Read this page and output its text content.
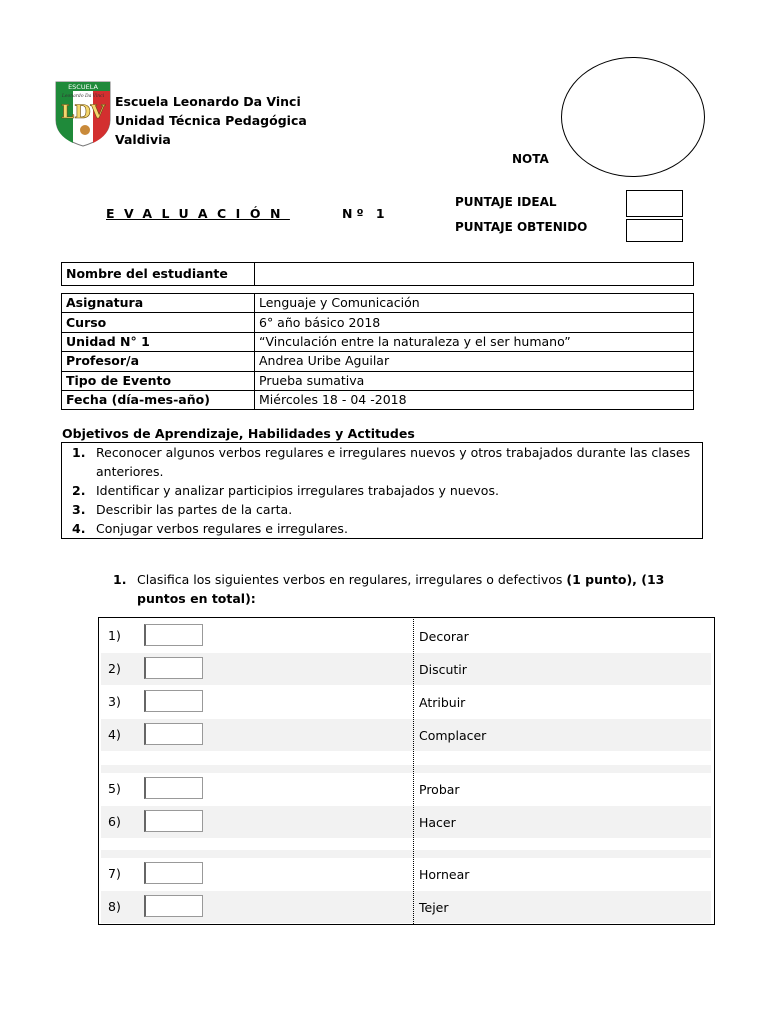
ESCUELA
Leonardo Da Vinci
LDV Escuela Leonardo Da Vinci
Unidad Técnica Pedagógica
Valdivia
NOTA
EVALUACIÓN	Nº 1
PUNTAJE IDEAL
PUNTAJE OBTENIDO
Nombre del estudiante	
Asignatura	Lenguaje y Comunicación
Curso	6° año básico 2018
Unidad N° 1	“Vinculación entre la naturaleza y el ser humano”
Profesor/a	Andrea Uribe Aguilar
Tipo de Evento	Prueba sumativa
Fecha (día-mes-año)	Miércoles 18 - 04 -2018
Objetivos de Aprendizaje, Habilidades y Actitudes
1. Reconocer algunos verbos regulares e irregulares nuevos y otros trabajados durante las clases anteriores.
2. Identificar y analizar participios irregulares trabajados y nuevos.
3. Describir las partes de la carta.
4. Conjugar verbos regulares e irregulares.
1. Clasifica los siguientes verbos en regulares, irregulares o defectivos (1 punto), (13 puntos en total):
1)	Decorar
2)	Discutir
3)	Atribuir
4)	Complacer
5)	Probar
6)	Hacer
7)	Hornear
8)	Tejer
